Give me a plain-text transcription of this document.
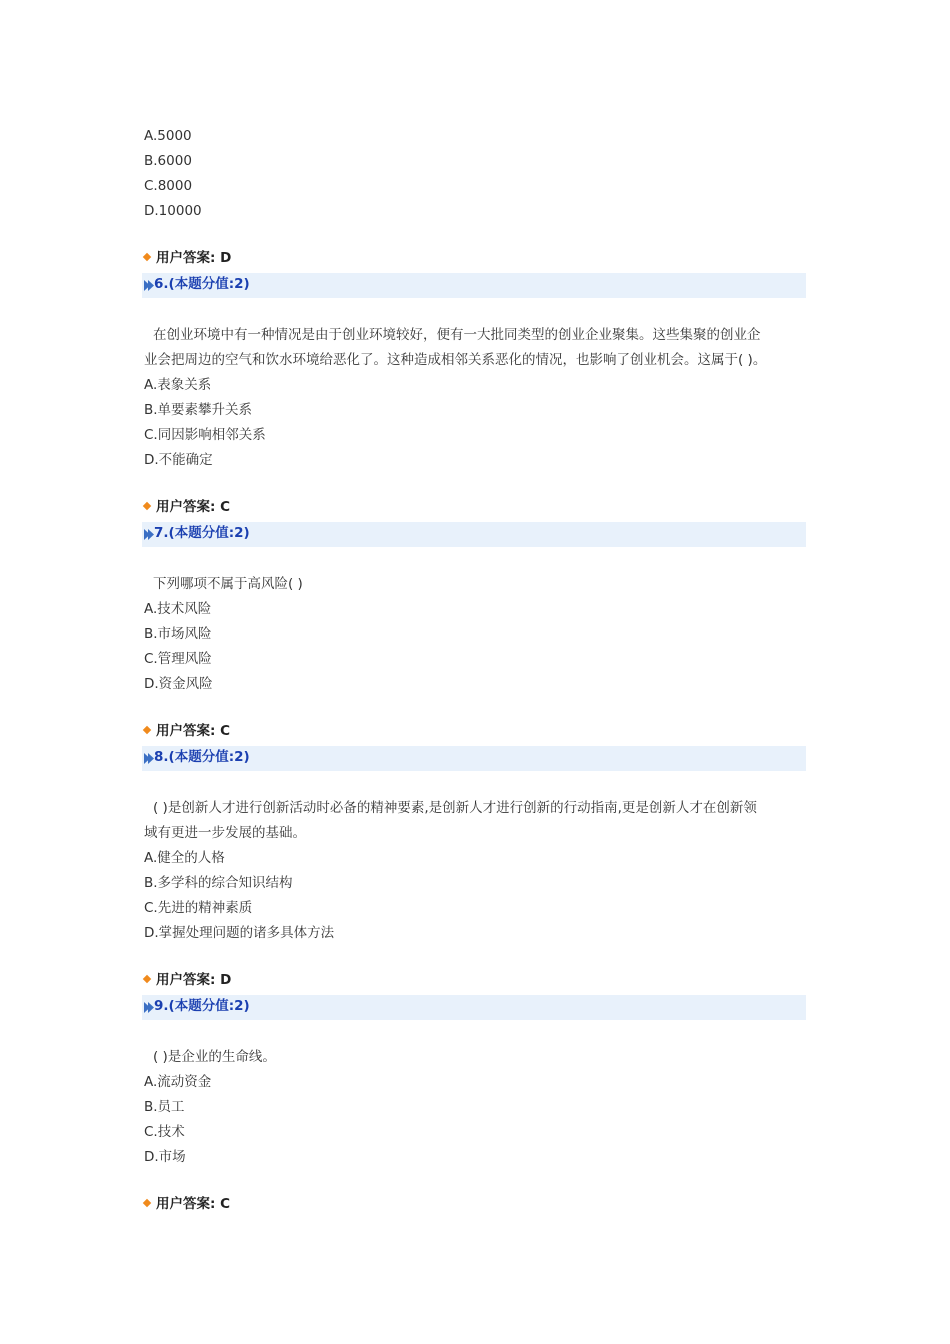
A.5000
B.6000
C.8000
D.10000
用户答案: D
6.(本题分值:2)
在创业环境中有一种情况是由于创业环境较好，便有一大批同类型的创业企业聚集。这些集聚的创业企
业会把周边的空气和饮水环境给恶化了。这种造成相邻关系恶化的情况，也影响了创业机会。这属于( )。
A.表象关系
B.单要素攀升关系
C.同因影响相邻关系
D.不能确定
用户答案: C
7.(本题分值:2)
下列哪项不属于高风险( )
A.技术风险
B.市场风险
C.管理风险
D.资金风险
用户答案: C
8.(本题分值:2)
( )是创新人才进行创新活动时必备的精神要素,是创新人才进行创新的行动指南,更是创新人才在创新领
域有更进一步发展的基础。
A.健全的人格
B.多学科的综合知识结构
C.先进的精神素质
D.掌握处理问题的诸多具体方法
用户答案: D
9.(本题分值:2)
( )是企业的生命线。
A.流动资金
B.员工
C.技术
D.市场
用户答案: C
